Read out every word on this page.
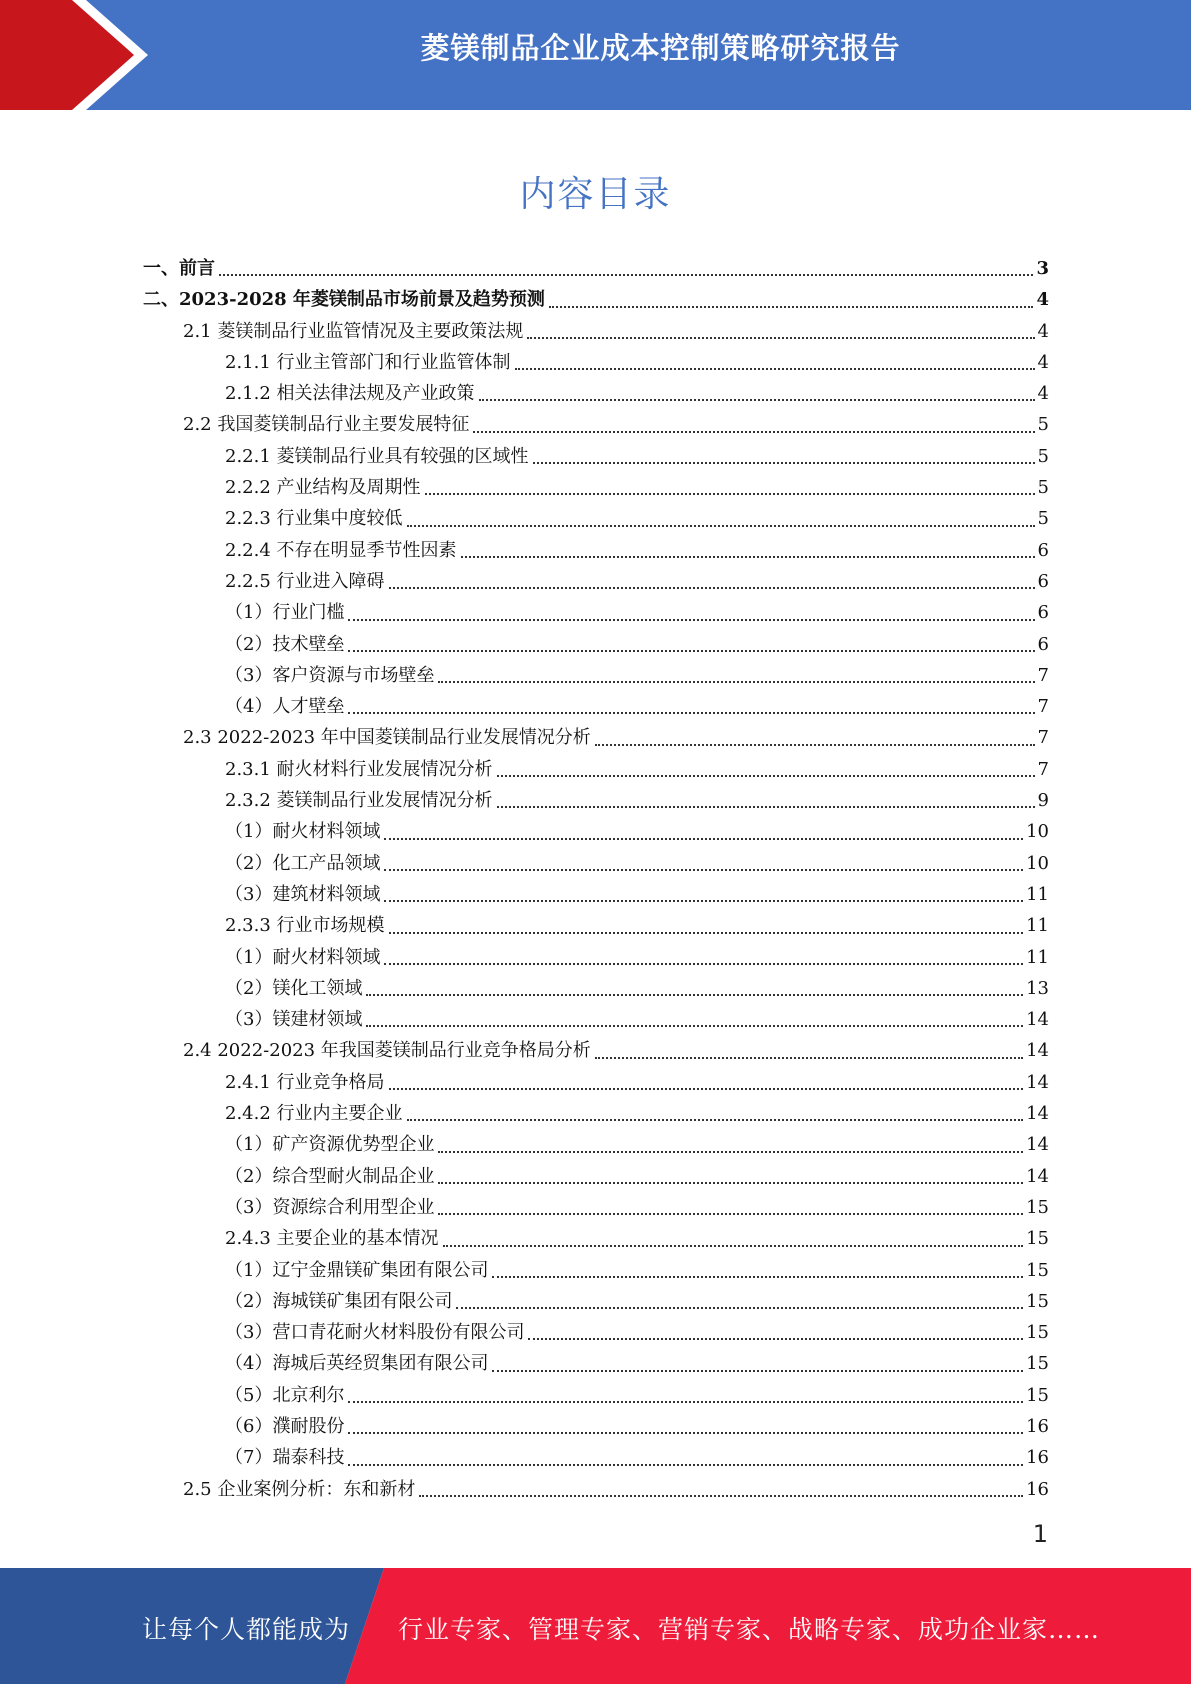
菱镁制品企业成本控制策略研究报告
内容目录
一、前言	3
二、2023-2028 年菱镁制品市场前景及趋势预测	4
2.1 菱镁制品行业监管情况及主要政策法规	4
2.1.1 行业主管部门和行业监管体制	4
2.1.2 相关法律法规及产业政策	4
2.2 我国菱镁制品行业主要发展特征	5
2.2.1 菱镁制品行业具有较强的区域性	5
2.2.2 产业结构及周期性	5
2.2.3 行业集中度较低	5
2.2.4 不存在明显季节性因素	6
2.2.5 行业进入障碍	6
（1）行业门槛	6
（2）技术壁垒	6
（3）客户资源与市场壁垒	7
（4）人才壁垒	7
2.3 2022-2023 年中国菱镁制品行业发展情况分析	7
2.3.1 耐火材料行业发展情况分析	7
2.3.2 菱镁制品行业发展情况分析	9
（1）耐火材料领域	10
（2）化工产品领域	10
（3）建筑材料领域	11
2.3.3 行业市场规模	11
（1）耐火材料领域	11
（2）镁化工领域	13
（3）镁建材领域	14
2.4 2022-2023 年我国菱镁制品行业竞争格局分析	14
2.4.1 行业竞争格局	14
2.4.2 行业内主要企业	14
（1）矿产资源优势型企业	14
（2）综合型耐火制品企业	14
（3）资源综合利用型企业	15
2.4.3 主要企业的基本情况	15
（1）辽宁金鼎镁矿集团有限公司	15
（2）海城镁矿集团有限公司	15
（3）营口青花耐火材料股份有限公司	15
（4）海城后英经贸集团有限公司	15
（5）北京利尔	15
（6）濮耐股份	16
（7）瑞泰科技	16
2.5 企业案例分析：东和新材	16
1
让每个人都能成为 行业专家、管理专家、营销专家、战略专家、成功企业家……
